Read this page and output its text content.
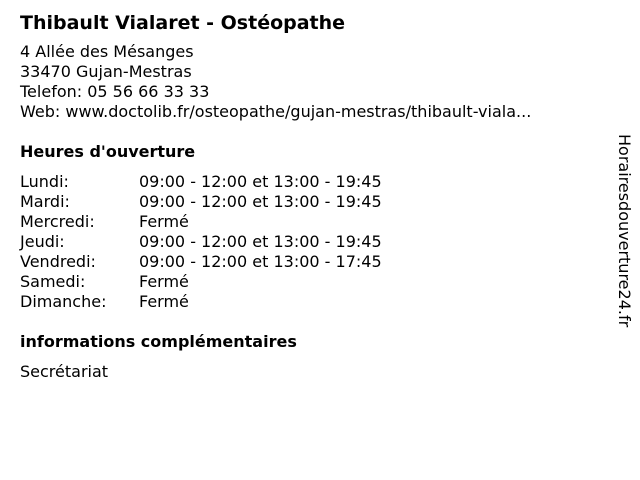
Thibault Vialaret - Ostéopathe
4 Allée des Mésanges
33470 Gujan-Mestras
Telefon: 05 56 66 33 33
Web: www.doctolib.fr/osteopathe/gujan-mestras/thibault-viala...
Heures d'ouverture
Lundi:	09:00 - 12:00 et 13:00 - 19:45
Mardi:	09:00 - 12:00 et 13:00 - 19:45
Mercredi:	Fermé
Jeudi:	09:00 - 12:00 et 13:00 - 19:45
Vendredi:	09:00 - 12:00 et 13:00 - 17:45
Samedi:	Fermé
Dimanche:	Fermé
informations complémentaires
Secrétariat
Horairesdouverture24.fr
